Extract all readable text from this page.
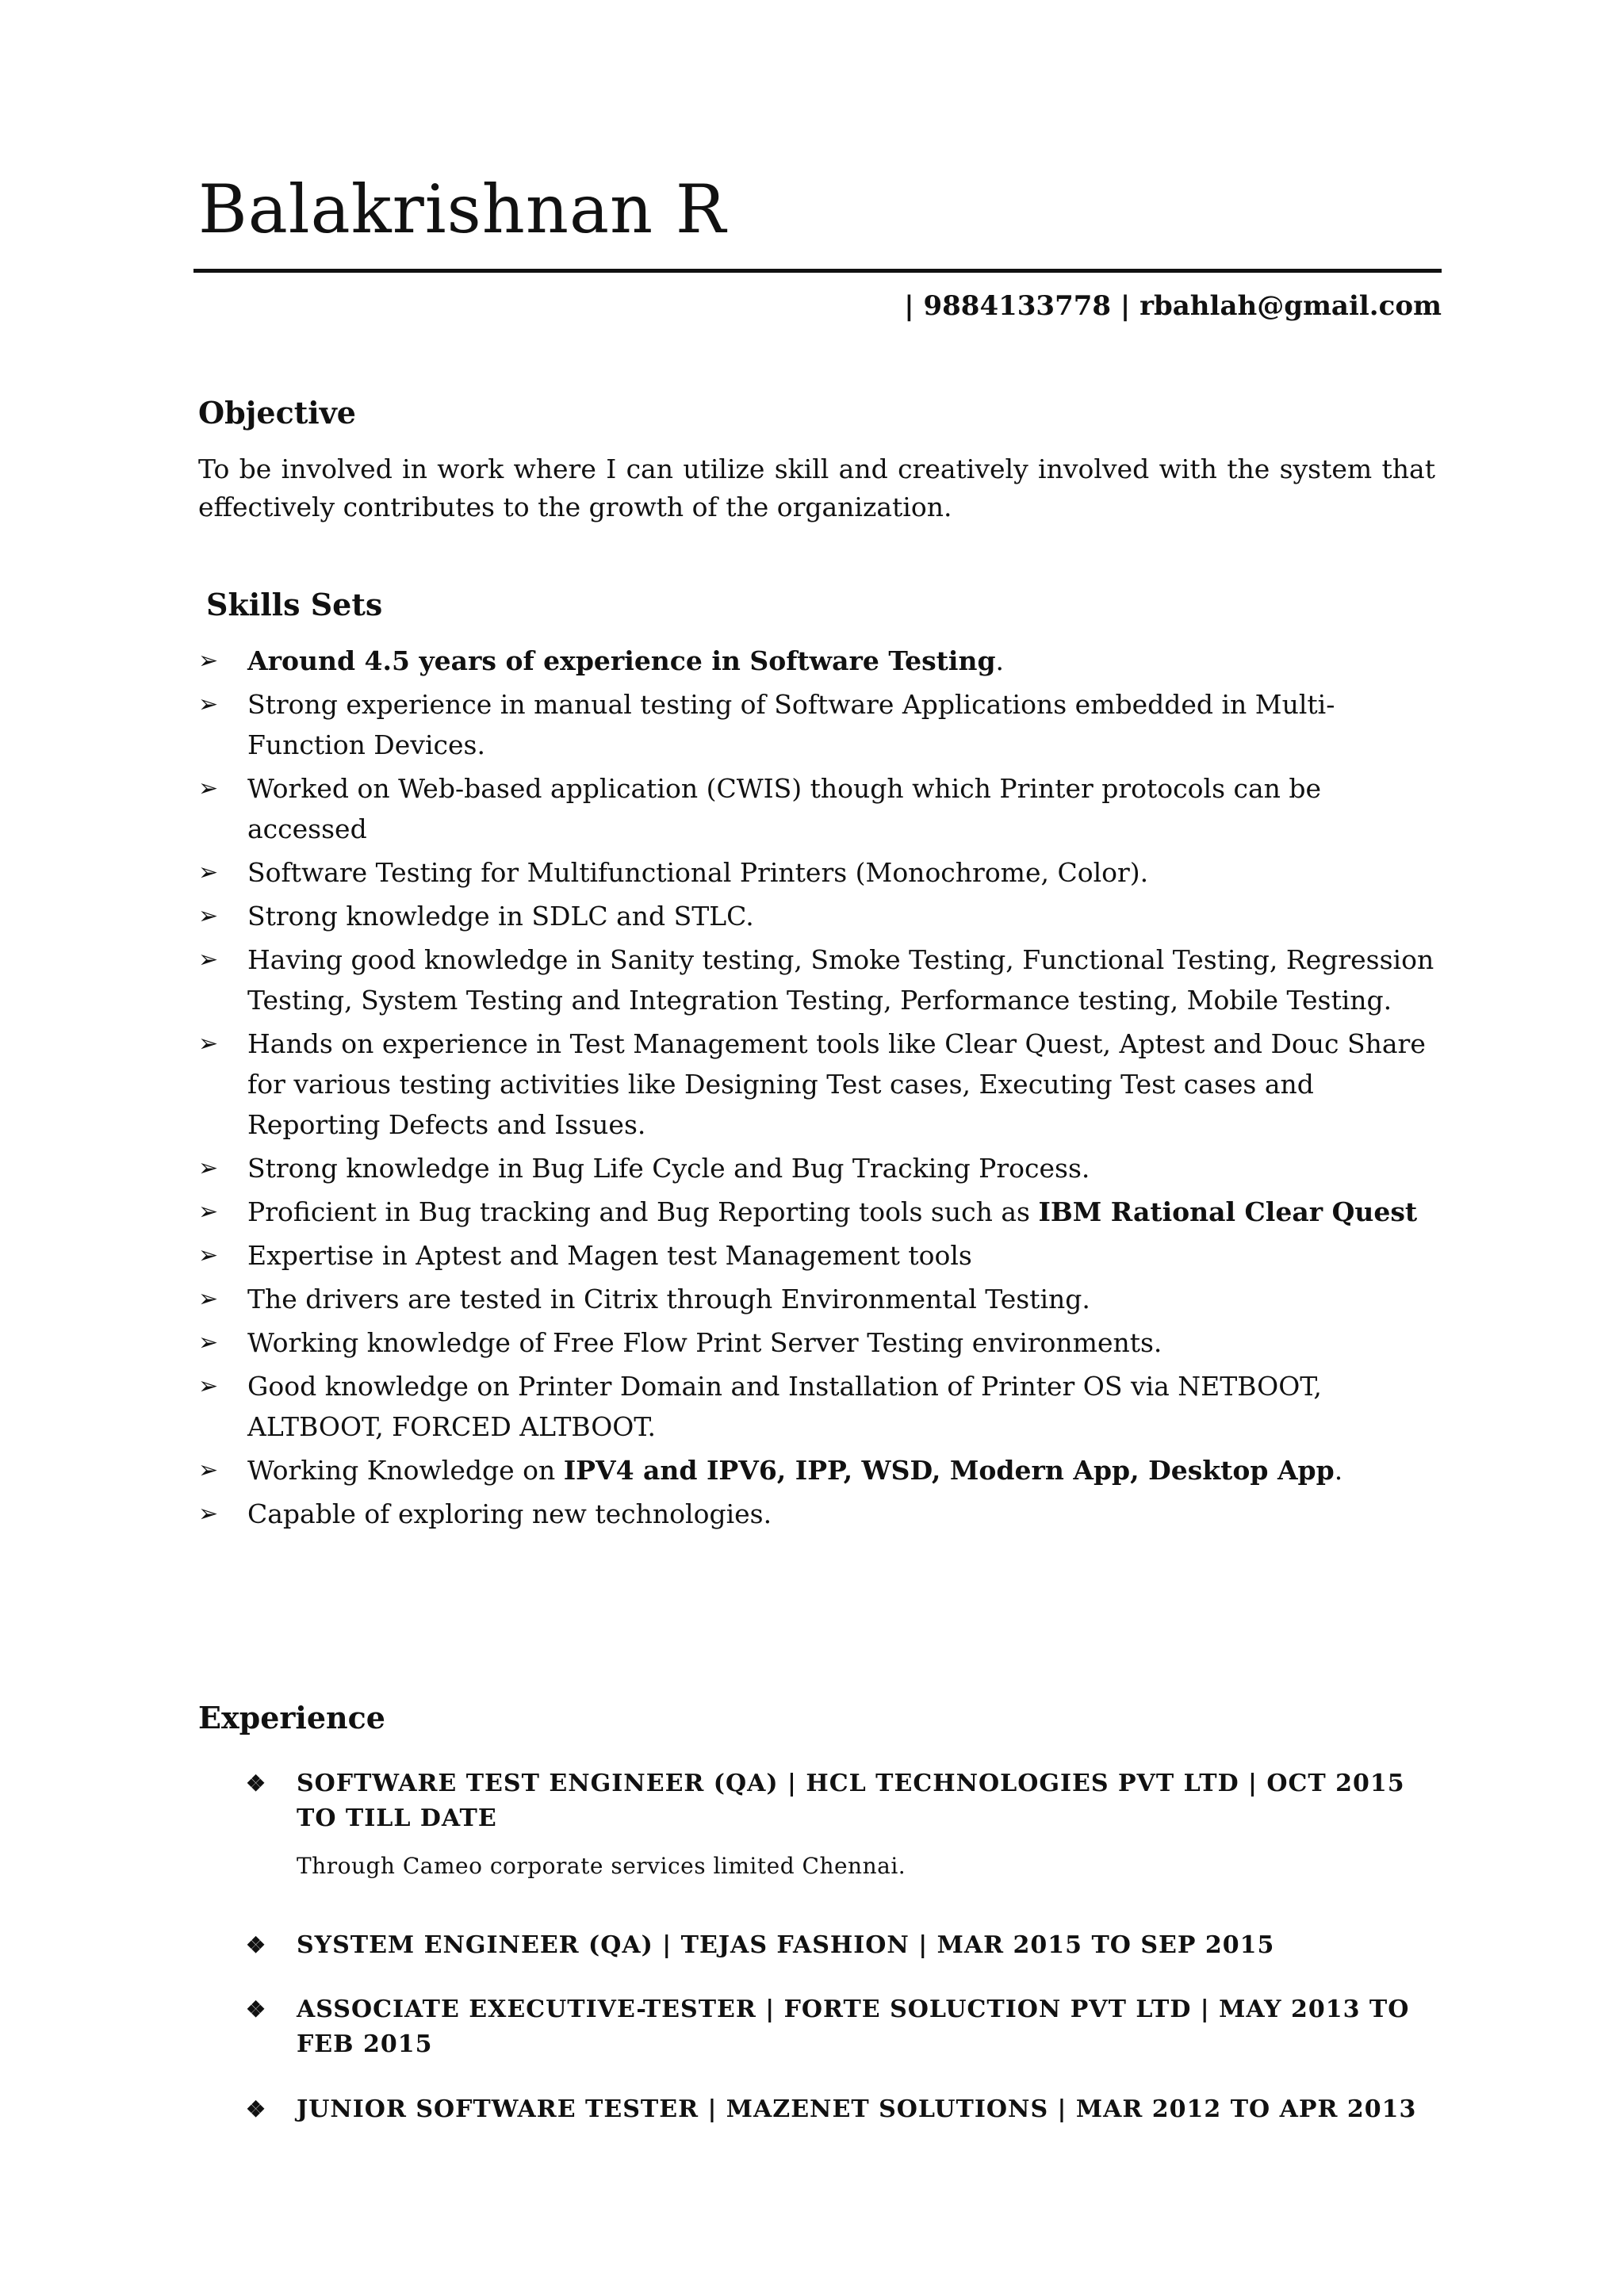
Balakrishnan R
| 9884133778 | rbahlah@gmail.com
Objective

To be involved in work where I can utilize skill and creatively involved with the system that effectively contributes to the growth of the organization.

Skills Sets
➢	Around 4.5 years of experience in Software Testing.
➢	Strong experience in manual testing of Software Applications embedded in Multi-Function Devices.
➢	Worked on Web-based application (CWIS) though which Printer protocols can be accessed
➢	Software Testing for Multifunctional Printers (Monochrome, Color).
➢	Strong knowledge in SDLC and STLC.
➢	Having good knowledge in Sanity testing, Smoke Testing, Functional Testing, Regression Testing, System Testing and Integration Testing, Performance testing, Mobile Testing.
➢	Hands on experience in Test Management tools like Clear Quest, Aptest and Douc Share for various testing activities like Designing Test cases, Executing Test cases and Reporting Defects and Issues.
➢	Strong knowledge in Bug Life Cycle and Bug Tracking Process.
➢	Proficient in Bug tracking and Bug Reporting tools such as IBM Rational Clear Quest
➢	Expertise in Aptest and Magen test Management tools
➢	The drivers are tested in Citrix through Environmental Testing.
➢	Working knowledge of Free Flow Print Server Testing environments.
➢	Good knowledge on Printer Domain and Installation of Printer OS via NETBOOT, ALTBOOT, FORCED ALTBOOT.
➢	Working Knowledge on IPV4 and IPV6, IPP, WSD, Modern App, Desktop App.
➢	Capable of exploring new technologies.
Experience
❖ SOFTWARE TEST ENGINEER (QA) | HCL TECHNOLOGIES PVT LTD | OCT 2015 TO TILL DATE
Through Cameo corporate services limited Chennai.
❖ SYSTEM ENGINEER (QA) | TEJAS FASHION | MAR 2015 TO SEP 2015
❖ ASSOCIATE EXECUTIVE-TESTER | FORTE SOLUCTION PVT LTD | MAY 2013 TO FEB 2015
❖ JUNIOR SOFTWARE TESTER | MAZENET SOLUTIONS | MAR 2012 TO APR 2013
